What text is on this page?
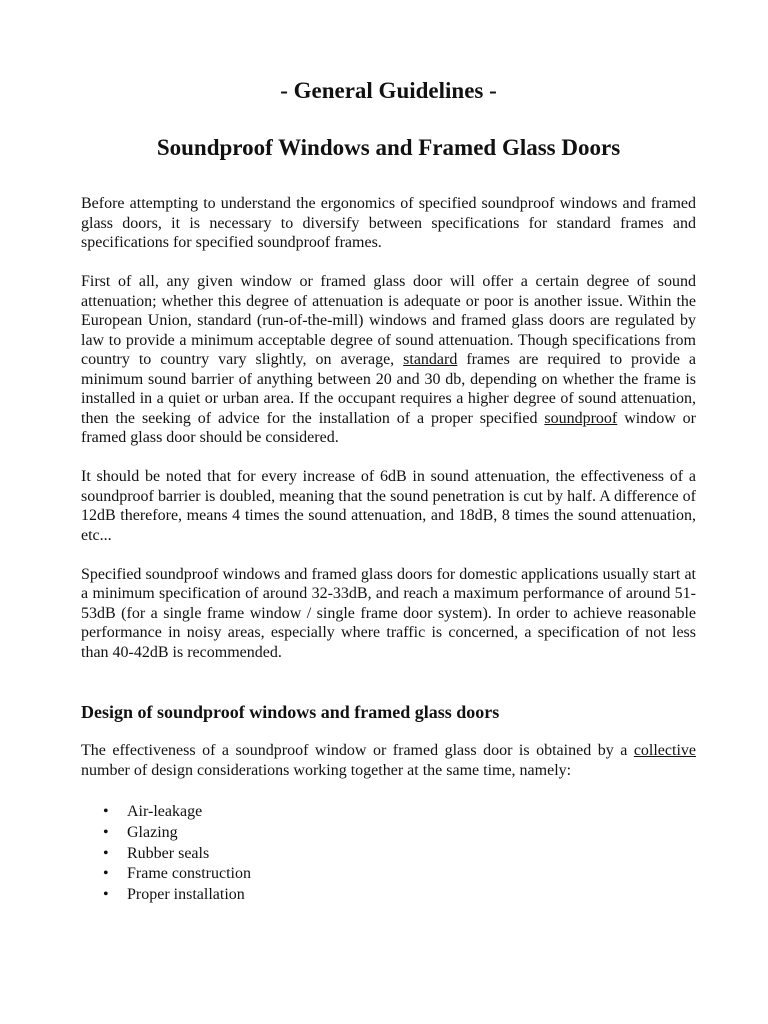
- General Guidelines -
Soundproof Windows and Framed Glass Doors

Before attempting to understand the ergonomics of specified soundproof windows and framed glass doors, it is necessary to diversify between specifications for standard frames and specifications for specified soundproof frames.

First of all, any given window or framed glass door will offer a certain degree of sound attenuation; whether this degree of attenuation is adequate or poor is another issue. Within the European Union, standard (run-of-the-mill) windows and framed glass doors are regulated by law to provide a minimum acceptable degree of sound attenuation. Though specifications from country to country vary slightly, on average, standard frames are required to provide a minimum sound barrier of anything between 20 and 30 db, depending on whether the frame is installed in a quiet or urban area. If the occupant requires a higher degree of sound attenuation, then the seeking of advice for the installation of a proper specified soundproof window or framed glass door should be considered.

It should be noted that for every increase of 6dB in sound attenuation, the effectiveness of a soundproof barrier is doubled, meaning that the sound penetration is cut by half. A difference of 12dB therefore, means 4 times the sound attenuation, and 18dB, 8 times the sound attenuation, etc...

Specified soundproof windows and framed glass doors for domestic applications usually start at a minimum specification of around 32-33dB, and reach a maximum performance of around 51-53dB (for a single frame window / single frame door system). In order to achieve reasonable performance in noisy areas, especially where traffic is concerned, a specification of not less than 40-42dB is recommended.

Design of soundproof windows and framed glass doors

The effectiveness of a soundproof window or framed glass door is obtained by a collective number of design considerations working together at the same time, namely:

• Air-leakage
• Glazing
• Rubber seals
• Frame construction
• Proper installation
